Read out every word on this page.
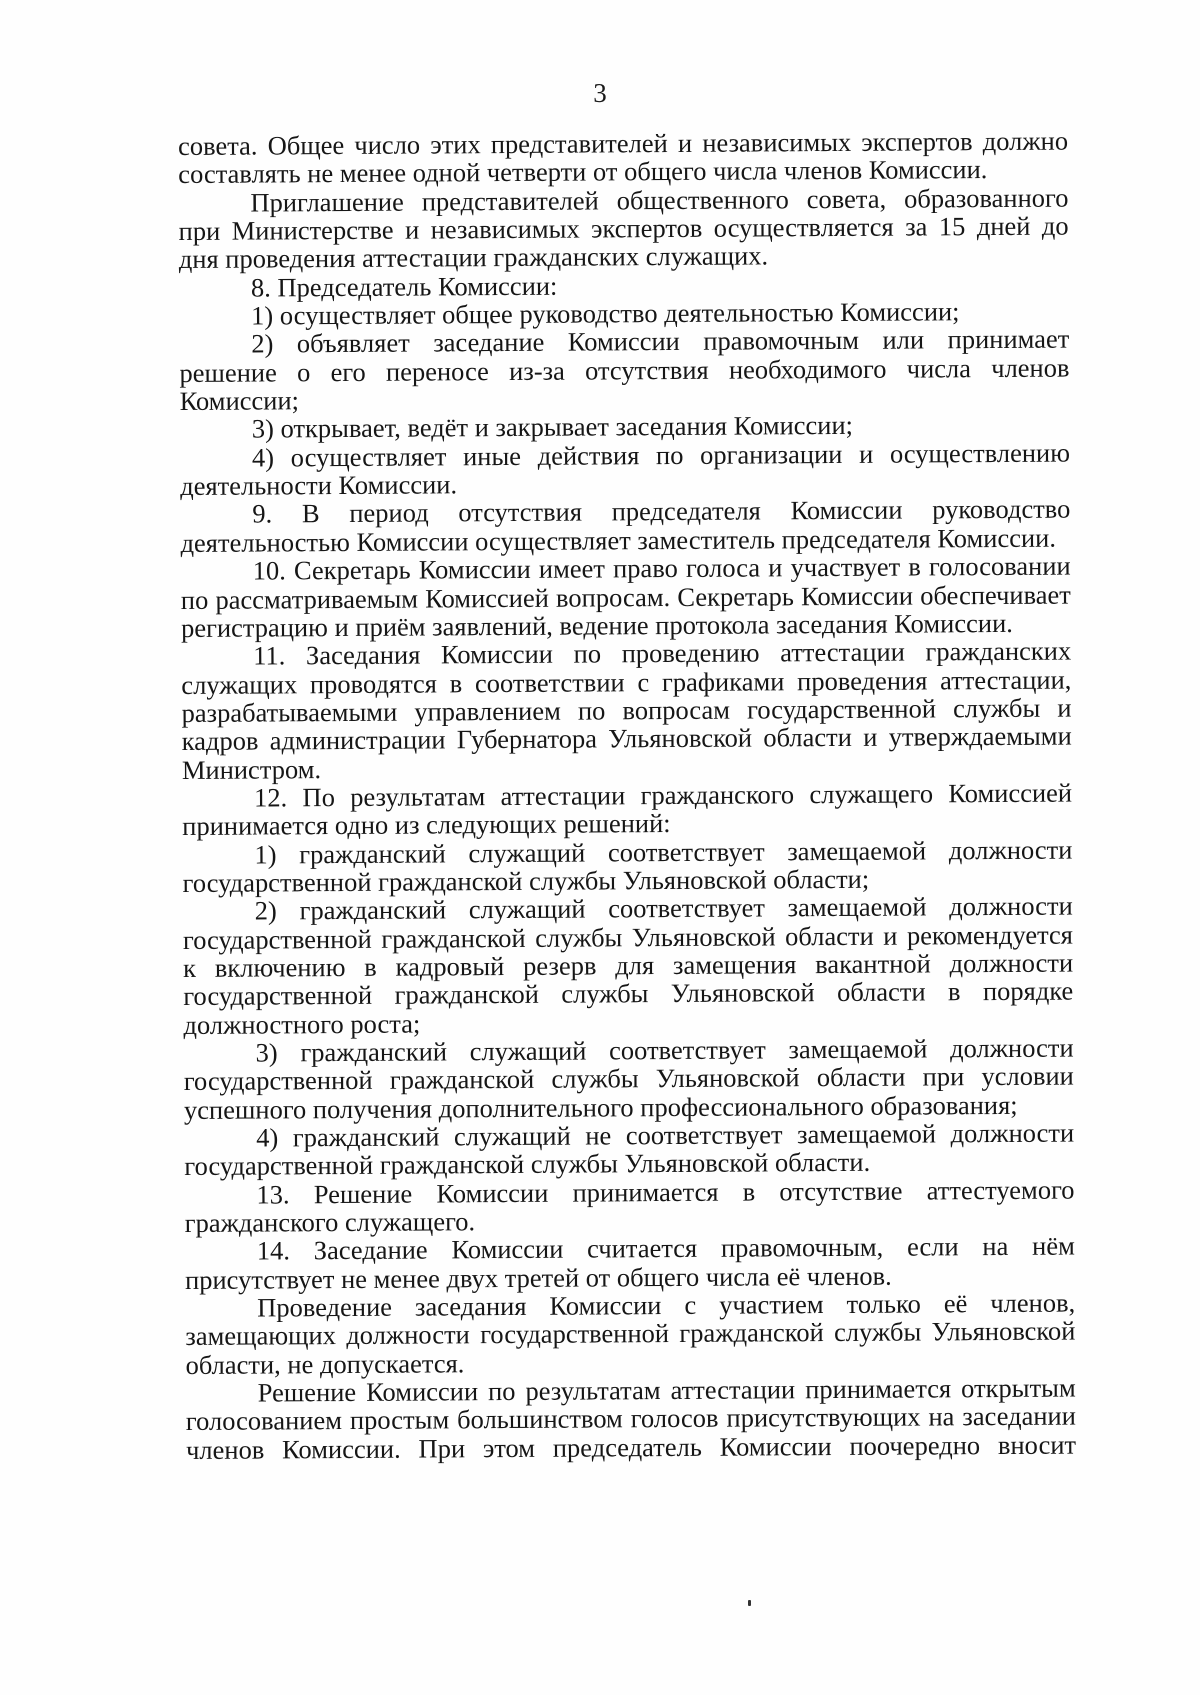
3

совета. Общее число этих представителей и независимых экспертов должно составлять не менее одной четверти от общего числа членов Комиссии.

Приглашение представителей общественного совета, образованного при Министерстве и независимых экспертов осуществляется за 15 дней до дня проведения аттестации гражданских служащих.

8. Председатель Комиссии:

1) осуществляет общее руководство деятельностью Комиссии;

2) объявляет заседание Комиссии правомочным или принимает решение о его переносе из-за отсутствия необходимого числа членов Комиссии;

3) открывает, ведёт и закрывает заседания Комиссии;

4) осуществляет иные действия по организации и осуществлению деятельности Комиссии.

9. В период отсутствия председателя Комиссии руководство деятельностью Комиссии осуществляет заместитель председателя Комиссии.

10. Секретарь Комиссии имеет право голоса и участвует в голосовании по рассматриваемым Комиссией вопросам. Секретарь Комиссии обеспечивает регистрацию и приём заявлений, ведение протокола заседания Комиссии.

11. Заседания Комиссии по проведению аттестации гражданских служащих проводятся в соответствии с графиками проведения аттестации, разрабатываемыми управлением по вопросам государственной службы и кадров администрации Губернатора Ульяновской области и утверждаемыми Министром.

12. По результатам аттестации гражданского служащего Комиссией принимается одно из следующих решений:

1) гражданский служащий соответствует замещаемой должности государственной гражданской службы Ульяновской области;

2) гражданский служащий соответствует замещаемой должности государственной гражданской службы Ульяновской области и рекомендуется к включению в кадровый резерв для замещения вакантной должности государственной гражданской службы Ульяновской области в порядке должностного роста;

3) гражданский служащий соответствует замещаемой должности государственной гражданской службы Ульяновской области при условии успешного получения дополнительного профессионального образования;

4) гражданский служащий не соответствует замещаемой должности государственной гражданской службы Ульяновской области.

13. Решение Комиссии принимается в отсутствие аттестуемого гражданского служащего.

14. Заседание Комиссии считается правомочным, если на нём присутствует не менее двух третей от общего числа её членов.

Проведение заседания Комиссии с участием только её членов, замещающих должности государственной гражданской службы Ульяновской области, не допускается.

Решение Комиссии по результатам аттестации принимается открытым голосованием простым большинством голосов присутствующих на заседании членов Комиссии. При этом председатель Комиссии поочередно вносит
